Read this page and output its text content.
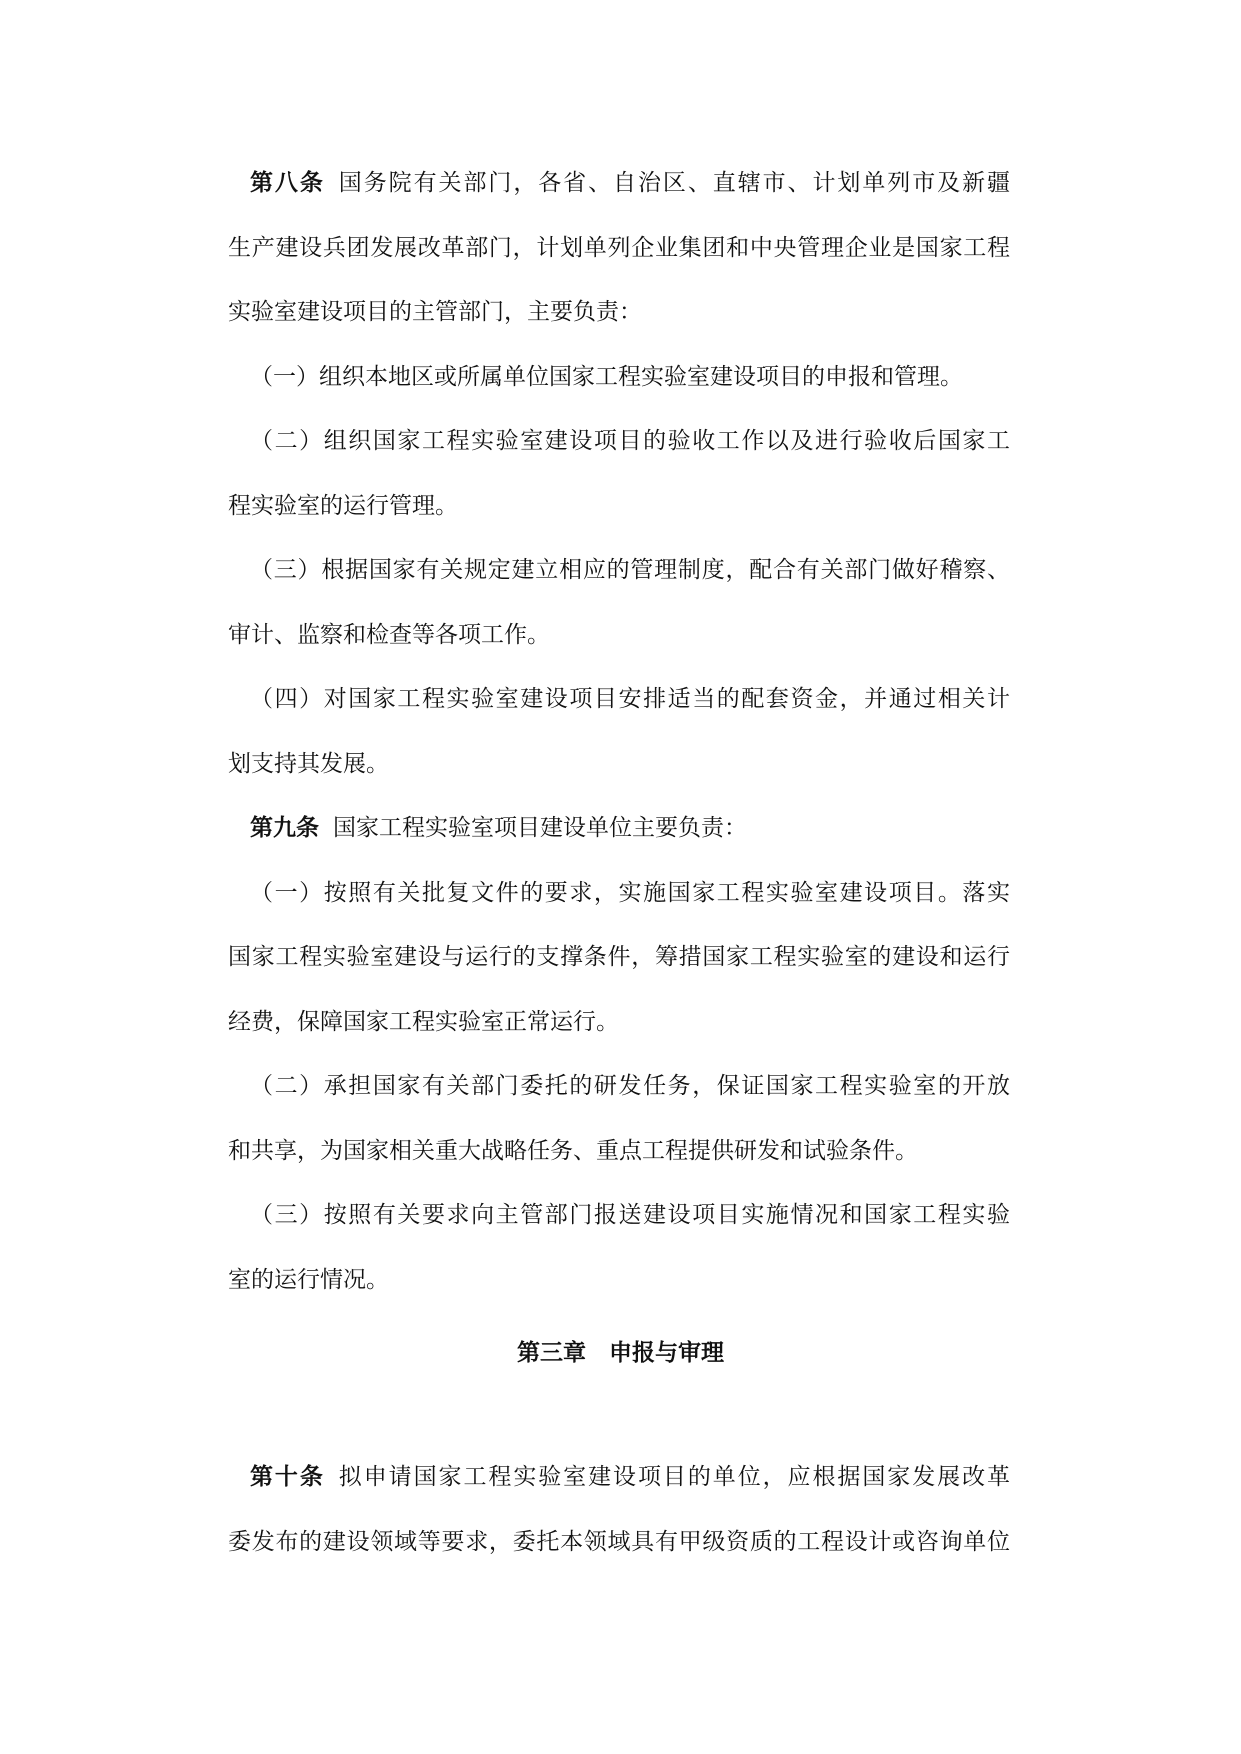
第八条 国务院有关部门，各省、自治区、直辖市、计划单列市及新疆
生产建设兵团发展改革部门，计划单列企业集团和中央管理企业是国家工程
实验室建设项目的主管部门，主要负责：
（一）组织本地区或所属单位国家工程实验室建设项目的申报和管理。
（二）组织国家工程实验室建设项目的验收工作以及进行验收后国家工
程实验室的运行管理。
（三）根据国家有关规定建立相应的管理制度，配合有关部门做好稽察、
审计、监察和检查等各项工作。
（四）对国家工程实验室建设项目安排适当的配套资金，并通过相关计
划支持其发展。
第九条 国家工程实验室项目建设单位主要负责：
（一）按照有关批复文件的要求，实施国家工程实验室建设项目。落实
国家工程实验室建设与运行的支撑条件，筹措国家工程实验室的建设和运行
经费，保障国家工程实验室正常运行。
（二）承担国家有关部门委托的研发任务，保证国家工程实验室的开放
和共享，为国家相关重大战略任务、重点工程提供研发和试验条件。
（三）按照有关要求向主管部门报送建设项目实施情况和国家工程实验
室的运行情况。
第三章　申报与审理
第十条 拟申请国家工程实验室建设项目的单位，应根据国家发展改革
委发布的建设领域等要求，委托本领域具有甲级资质的工程设计或咨询单位
